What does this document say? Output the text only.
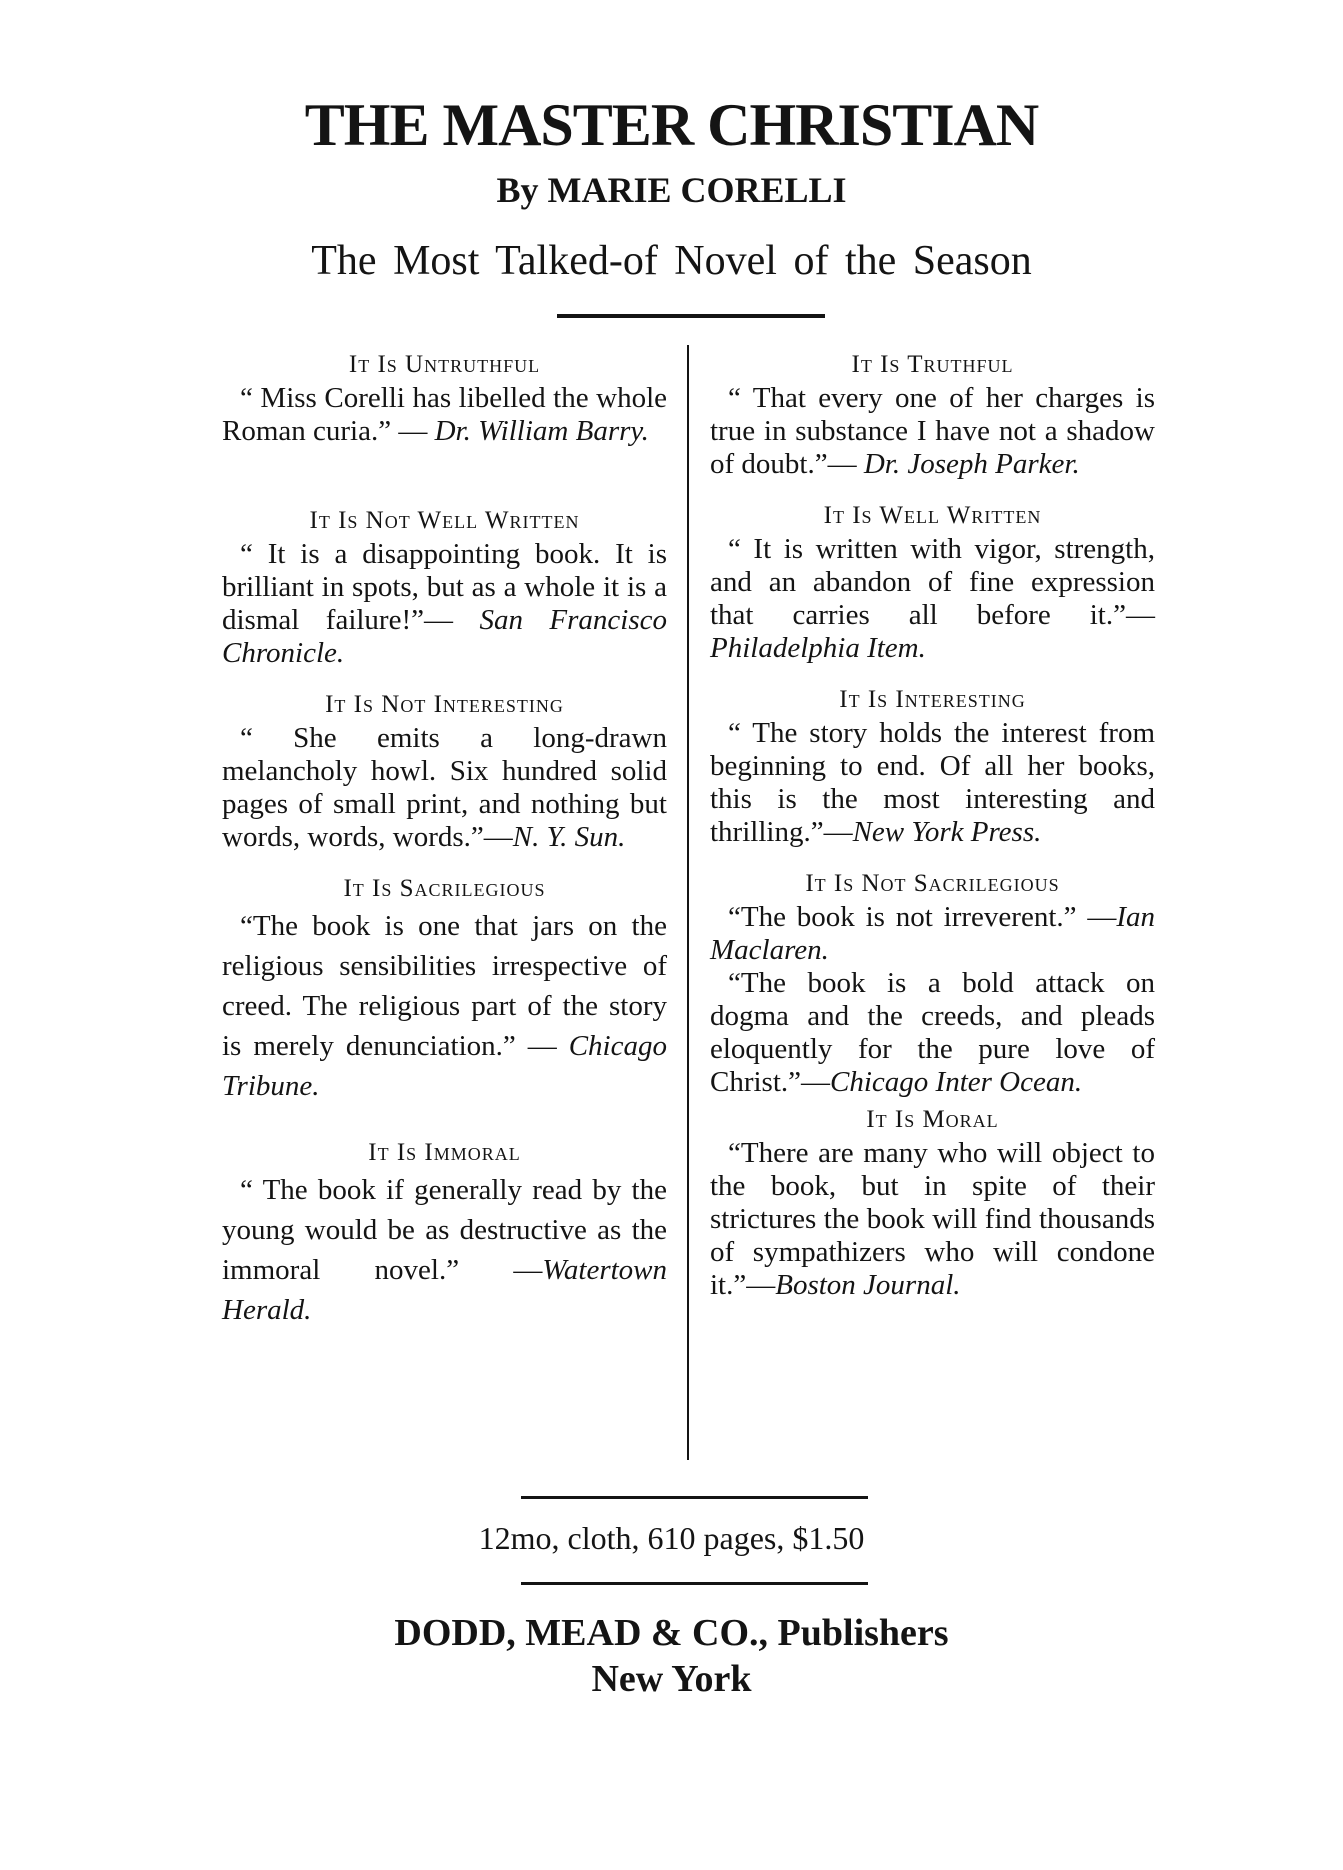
THE MASTER CHRISTIAN
By MARIE CORELLI
The Most Talked-of Novel of the Season

It Is Untruthful

“ Miss Corelli has libelled the whole Roman curia.” — Dr. William Barry.

It Is Not Well Written

“ It is a disappointing book. It is brilliant in spots, but as a whole it is a dismal failure!”— San Francisco Chronicle.

It Is Not Interesting

“ She emits a long-drawn melancholy howl. Six hundred solid pages of small print, and nothing but words, words, words.”—N. Y. Sun.

It Is Sacrilegious

“The book is one that jars on the religious sensibilities irrespective of creed. The religious part of the story is merely denunciation.” — Chicago Tribune.

It Is Immoral

“ The book if generally read by the young would be as destructive as the immoral novel.” —Watertown Herald.

It Is Truthful

“ That every one of her charges is true in substance I have not a shadow of doubt.”— Dr. Joseph Parker.

It Is Well Written

“ It is written with vigor, strength, and an abandon of fine expression that carries all before it.”—Philadelphia Item.

It Is Interesting

“ The story holds the interest from beginning to end. Of all her books, this is the most interesting and thrilling.”—New York Press.

It Is Not Sacrilegious

“The book is not irreverent.” —Ian Maclaren.

“The book is a bold attack on dogma and the creeds, and pleads eloquently for the pure love of Christ.”—Chicago Inter Ocean.

It Is Moral

“There are many who will object to the book, but in spite of their strictures the book will find thousands of sympathizers who will condone it.”—Boston Journal.

12mo, cloth, 610 pages, $1.50
DODD, MEAD & CO., Publishers
New York
